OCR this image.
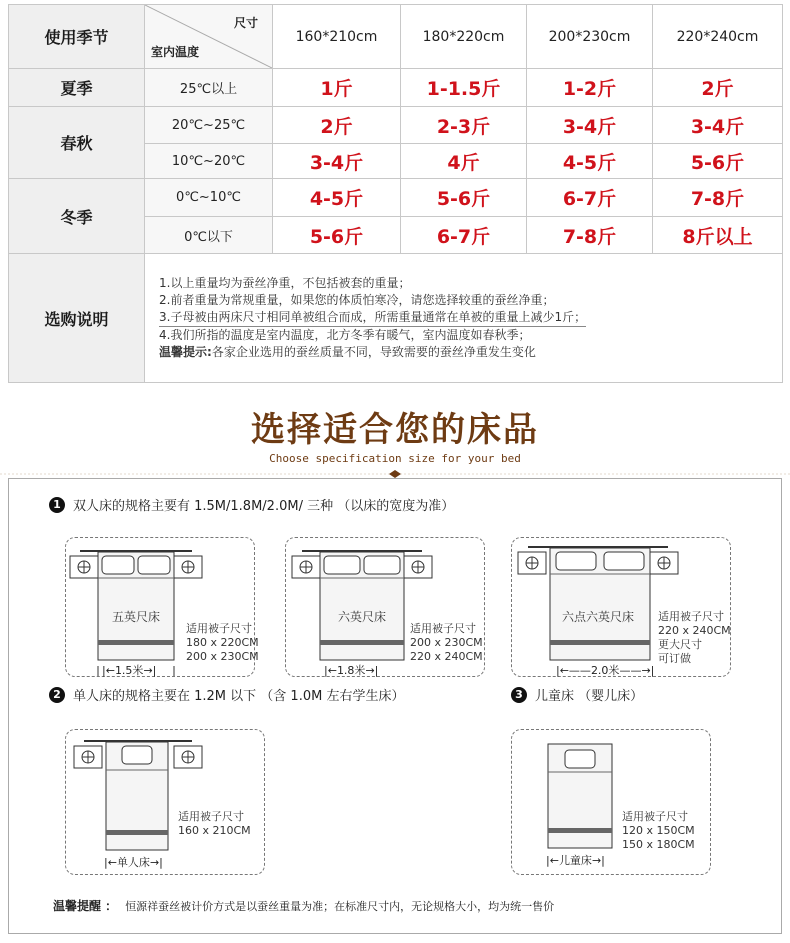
使用季节	尺寸
室内温度	160*210cm	180*220cm	200*230cm	220*240cm
夏季	25℃以上	1斤	1-1.5斤	1-2斤	2斤
春秋	20℃~25℃	2斤	2-3斤	3-4斤	3-4斤
	10℃~20℃	3-4斤	4斤	4-5斤	5-6斤
冬季	0℃~10℃	4-5斤	5-6斤	6-7斤	7-8斤
	0℃以下	5-6斤	6-7斤	7-8斤	8斤以上
选购说明	1.以上重量均为蚕丝净重，不包括被套的重量；
2.前者重量为常规重量，如果您的体质怕寒冷，请您选择较重的蚕丝净重；
3.子母被由两床尺寸相同单被组合而成，所需重量通常在单被的重量上减少1斤；
4.我们所指的温度是室内温度，北方冬季有暖气，室内温度如春秋季；
温馨提示:各家企业选用的蚕丝质量不同，导致需要的蚕丝净重发生变化				
选择适合您的床品
Choose specification size for your bed
1 双人床的规格主要有 1.5M/1.8M/2.0M/ 三种 （以床的宽度为准）
五英尺床
|←1.5米→|
适用被子尺寸
180 x 220CM
200 x 230CM
六英尺床
|←1.8米→|
适用被子尺寸
200 x 230CM
220 x 240CM
六点六英尺床
|←——2.0米——→|
适用被子尺寸
220 x 240CM
更大尺寸
可订做
2 单人床的规格主要在 1.2M 以下 （含 1.0M 左右学生床）	3 儿童床 （婴儿床）
|←单人床→|
适用被子尺寸
160 x 210CM
|←儿童床→|
适用被子尺寸
120 x 150CM
150 x 180CM
温馨提醒 ： 恒源祥蚕丝被计价方式是以蚕丝重量为准；在标准尺寸内，无论规格大小，均为统一售价
